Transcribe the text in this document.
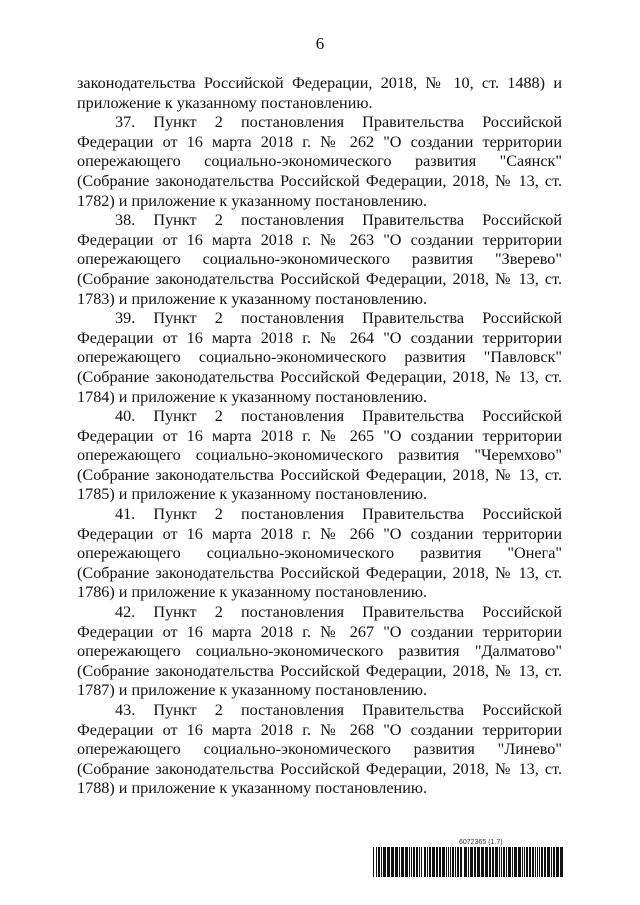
6

законодательства Российской Федерации, 2018, № 10, ст. 1488) и приложение к указанному постановлению.

37. Пункт 2 постановления Правительства Российской Федерации от 16 марта 2018 г. № 262 "О создании территории опережающего социально-экономического развития "Саянск" (Собрание законодательства Российской Федерации, 2018, № 13, ст. 1782) и приложение к указанному постановлению.

38. Пункт 2 постановления Правительства Российской Федерации от 16 марта 2018 г. № 263 "О создании территории опережающего социально-экономического развития "Зверево" (Собрание законодательства Российской Федерации, 2018, № 13, ст. 1783) и приложение к указанному постановлению.

39. Пункт 2 постановления Правительства Российской Федерации от 16 марта 2018 г. № 264 "О создании территории опережающего социально-экономического развития "Павловск" (Собрание законодательства Российской Федерации, 2018, № 13, ст. 1784) и приложение к указанному постановлению.

40. Пункт 2 постановления Правительства Российской Федерации от 16 марта 2018 г. № 265 "О создании территории опережающего социально-экономического развития "Черемхово" (Собрание законодательства Российской Федерации, 2018, № 13, ст. 1785) и приложение к указанному постановлению.

41. Пункт 2 постановления Правительства Российской Федерации от 16 марта 2018 г. № 266 "О создании территории опережающего социально-экономического развития "Онега" (Собрание законодательства Российской Федерации, 2018, № 13, ст. 1786) и приложение к указанному постановлению.

42. Пункт 2 постановления Правительства Российской Федерации от 16 марта 2018 г. № 267 "О создании территории опережающего социально-экономического развития "Далматово" (Собрание законодательства Российской Федерации, 2018, № 13, ст. 1787) и приложение к указанному постановлению.

43. Пункт 2 постановления Правительства Российской Федерации от 16 марта 2018 г. № 268 "О создании территории опережающего социально-экономического развития "Линево" (Собрание законодательства Российской Федерации, 2018, № 13, ст. 1788) и приложение к указанному постановлению.

6072365 (1.7)
